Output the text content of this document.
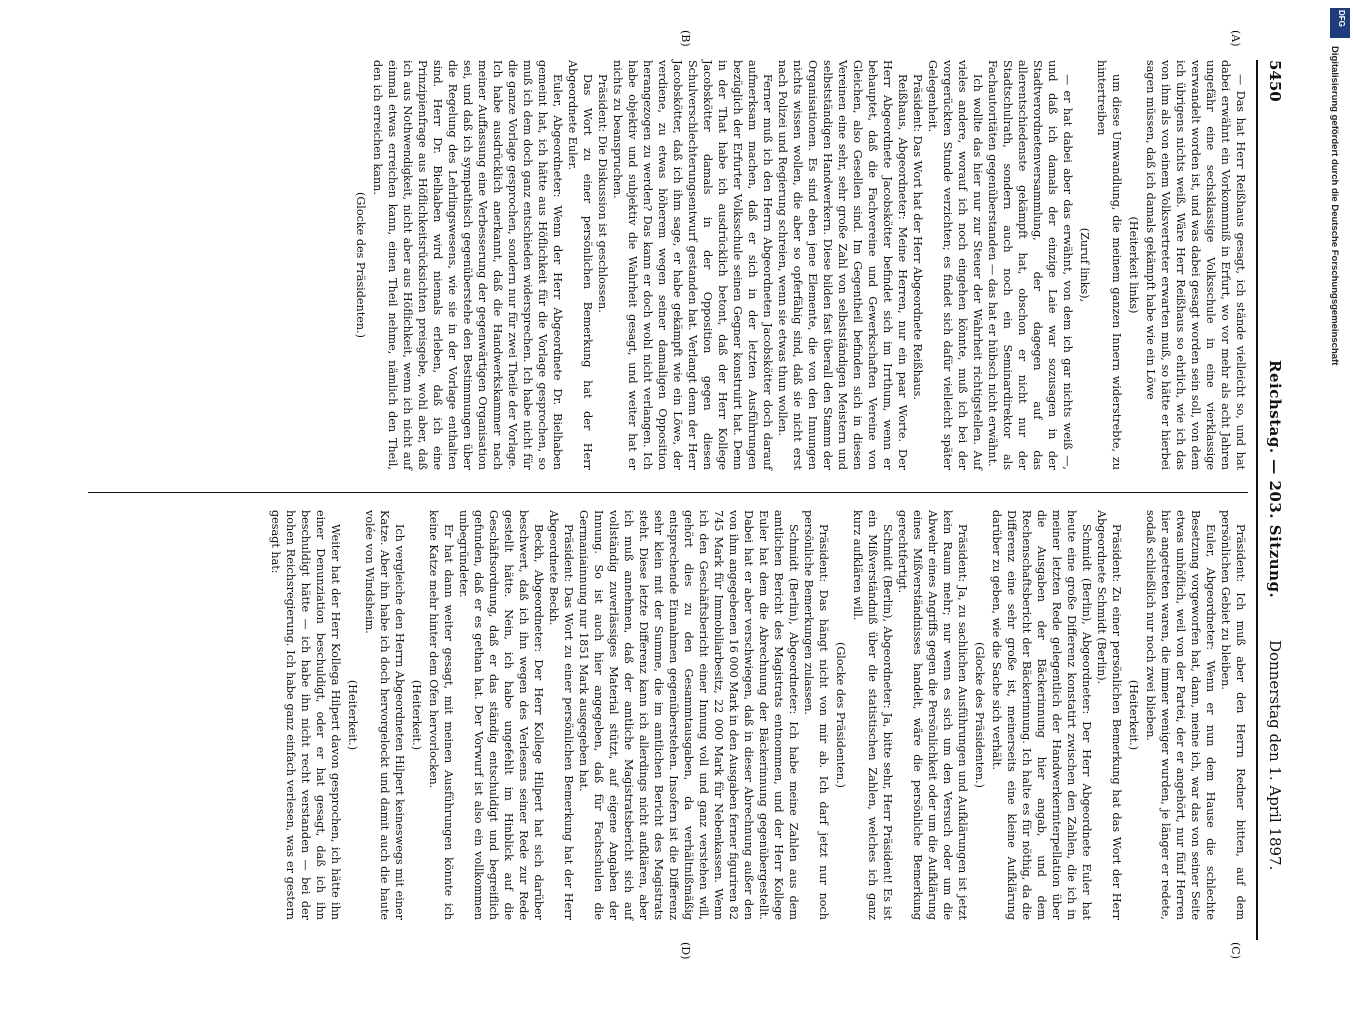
5450
Reichstag. — 203. Sitzung.
Donnerstag den 1. April 1897.
(A)
(B)
(C)
(D)

— Das hat Herr Reißhaus gesagt, ich stände vielleicht so, und hat dabei erwähnt ein Vorkommniß in Erfurt, wo vor mehr als acht Jahren ungefähr eine sechsklassige Volksschule in eine vierklassige verwandelt worden ist, und was dabei gesagt worden sein soll, von dem ich übrigens nichts weiß. Wäre Herr Reißhaus so ehrlich, wie ich das von ihm als von einem Volksvertreter erwarten muß, so hätte er hierbei sagen müssen, daß ich damals gekämpft habe wie ein Löwe

(Heiterkeit links)

um diese Umwandlung, die meinem ganzen Innern widerstrebte, zu hintertreiben

(Zuruf links),

— er hat dabei aber das erwähnt, von dem ich gar nichts weiß —, und daß ich damals der einzige Laie war sozusagen in der Stadtverordnetenversammlung, der dagegen auf das allerentschiedenste gekämpft hat, obschon er nicht nur der Stadtschulrath, sondern auch noch ein Seminardirektor als Fachautoritäten gegenüberstanden — das hat er hübsch nicht erwähnt.

Ich wollte das hier nur zur Steuer der Wahrheit richtigstellen. Auf vieles andere, worauf ich noch eingehen könnte, muß ich bei der vorgerückten Stunde verzichten; es findet sich dafür vielleicht später Gelegenheit.

Präsident: Das Wort hat der Herr Abgeordnete Reißhaus.

Reißhaus, Abgeordneter: Meine Herren, nur ein paar Worte. Der Herr Abgeordnete Jacobskötter befindet sich im Irrthum, wenn er behauptet, daß die Fachvereine und Gewerkschaften Vereine von Gleichen, also Gesellen sind. Im Gegentheil befinden sich in diesen Vereinen eine sehr, sehr große Zahl von selbstständigen Meistern und selbstständigen Handwerkern. Diese bilden fast überall den Stamm der Organisationen. Es sind eben jene Elemente, die von den Innungen nichts wissen wollen, die aber so opferfähig sind, daß sie nicht erst nach Polizei und Regierung schreien, wenn sie etwas thun wollen.

Ferner muß ich den Herrn Abgeordneten Jacobskötter doch darauf aufmerksam machen, daß er sich in der letzten Ausführungen bezüglich der Erfurter Volksschule seinen Gegner konstruirt hat. Denn in der That habe ich ausdrücklich betont, daß der Herr Kollege Jacobskötter damals in der Opposition gegen diesen Schulverschlechterungsentwurf gestanden hat. Verlangt denn der Herr Jacobskötter, daß ich ihm sage, er habe gekämpft wie ein Löwe, der verdiene, zu etwas höherem wegen seiner damaligen Opposition herangezogen zu werden? Das kann er doch wohl nicht verlangen. Ich habe objektiv und subjektiv die Wahrheit gesagt, und weiter hat er nichts zu beanspruchen.

Präsident: Die Diskussion ist geschlossen.

Das Wort zu einer persönlichen Bemerkung hat der Herr Abgeordnete Euler.

Euler, Abgeordneter: Wenn der Herr Abgeordnete Dr. Bielhaben gemeint hat, ich hätte aus Höflichkeit für die Vorlage gesprochen, so muß ich dem doch ganz entschieden widersprechen. Ich habe nicht für die ganze Vorlage gesprochen, sondern nur für zwei Theile der Vorlage. Ich habe ausdrücklich anerkannt, daß die Handwerkskammer nach meiner Auffassung eine Verbesserung der gegenwärtigen Organisation sei, und daß ich sympathisch gegenüberstehe den Bestimmungen über die Regelung des Lehrlingswesens, wie sie in der Vorlage enthalten sind. Herr Dr. Bielhaben wird niemals erleben, daß ich eine Prinzipienfrage aus Höflichkeitsrücksichten preisgebe, wohl aber, daß ich aus Nothwendigkeit, nicht aber aus Höflichkeit, wenn ich nicht auf einmal etwas erreichen kann, einen Theil nehme, nämlich den Theil, den ich erreichen kann.

(Glocke des Präsidenten.)

Präsident: Ich muß aber den Herrn Redner bitten, auf dem persönlichen Gebiet zu bleiben.

Euler, Abgeordneter: Wenn er nun dem Hause die schlechte Besetzung vorgeworfen hat, dann, meine ich, war das von seiner Seite etwas unhöflich, weil von der Partei, der er angehört, nur fünf Herren hier angetreten waren, die immer weniger wurden, je länger er redete, sodaß schließlich nur noch zwei blieben.

(Heiterkeit.)

Präsident: Zu einer persönlichen Bemerkung hat das Wort der Herr Abgeordnete Schmidt (Berlin).

Schmidt (Berlin), Abgeordneter: Der Herr Abgeordnete Euler hat heute eine große Differenz konstatirt zwischen den Zahlen, die ich in meiner letzten Rede gelegentlich der Handwerkerinterpellation über die Ausgaben der Bäckerinnung hier angab, und dem Rechenschaftsbericht der Bäckerinnung. Ich halte es für nöthig, da die Differenz eine sehr große ist, meinerseits eine kleine Aufklärung darüber zu geben, wie die Sache sich verhält.

(Glocke des Präsidenten.)

Präsident: Ja, zu sachlichen Ausführungen und Aufklärungen ist jetzt kein Raum mehr; nur wenn es sich um den Versuch oder um die Abwehr eines Angriffs gegen die Persönlichkeit oder um die Aufklärung eines Mißverständnisses handelt, wäre die persönliche Bemerkung gerechtfertigt.

Schmidt (Berlin), Abgeordneter: Ja, bitte sehr, Herr Präsident! Es ist ein Mißverständniß über die statistischen Zahlen, welches ich ganz kurz aufklären will.

(Glocke des Präsidenten.)

Präsident: Das hängt nicht von mir ab. Ich darf jetzt nur noch persönliche Bemerkungen zulassen.

Schmidt (Berlin), Abgeordneter: Ich habe meine Zahlen aus dem amtlichen Bericht des Magistrats entnommen, und der Herr Kollege Euler hat dem die Abrechnung der Bäckerinnung gegenübergestellt. Dabei hat er aber verschwiegen, daß in dieser Abrechnung außer den von ihm angegebenen 16 000 Mark in den Ausgaben ferner figuriren 82 745 Mark für Immobiliarbesitz, 22 000 Mark für Nebenkassen. Wenn ich den Geschäftsbericht einer Innung voll und ganz verstehen will, gehört dies zu den Gesammtausgaben, da verhältnißmäßig entsprechende Einnahmen gegenüberstehen. Insofern ist die Differenz sehr klein mit der Summe, die im amtlichen Bericht des Magistrats steht. Diese letzte Differenz kann ich allerdings nicht aufklären, aber ich muß annehmen, daß der amtliche Magistratsbericht sich auf vollständig zuverlässiges Material stützt, auf eigene Angaben der Innung. So ist auch hier angegeben, daß für Fachschulen die Germaniainnung nur 1851 Mark ausgegeben hat.

Präsident: Das Wort zu einer persönlichen Bemerkung hat der Herr Abgeordnete Beckh.

Beckh, Abgeordneter: Der Herr Kollege Hilpert hat sich darüber beschwert, daß ich ihn wegen des Verlesens seiner Rede zur Rede gestellt hätte. Nein, ich habe ungefehlt im Hinblick auf die Geschäftsordnung, daß er das ständig entschuldigt und begreiflich gefunden, daß er es gethan hat. Der Vorwurf ist also ein vollkommen unbegründeter.

Er hat dann weiter gesagt, mit meinen Ausführungen könnte ich keine Katze mehr hinter dem Ofen hervorlocken.

(Heiterkeit.)

Ich vergleiche den Herrn Abgeordneten Hilpert keineswegs mit einer Katze. Aber ihn habe ich doch hervorgelockt und damit auch die haute volée von Windsheim.

(Heiterkeit.)

Weiter hat der Herr Kollega Hilpert davon gesprochen, ich hätte ihn einer Denunziation beschuldigt, oder er hat gesagt, daß ich ihn beschuldigt hätte — ich habe ihn nicht recht verstanden — bei der hohen Reichsregierung. Ich habe ganz einfach verlesen, was er gestern gesagt hat:

DFG
Digitalisierung gefördert durch die Deutsche Forschungsgemeinschaft
